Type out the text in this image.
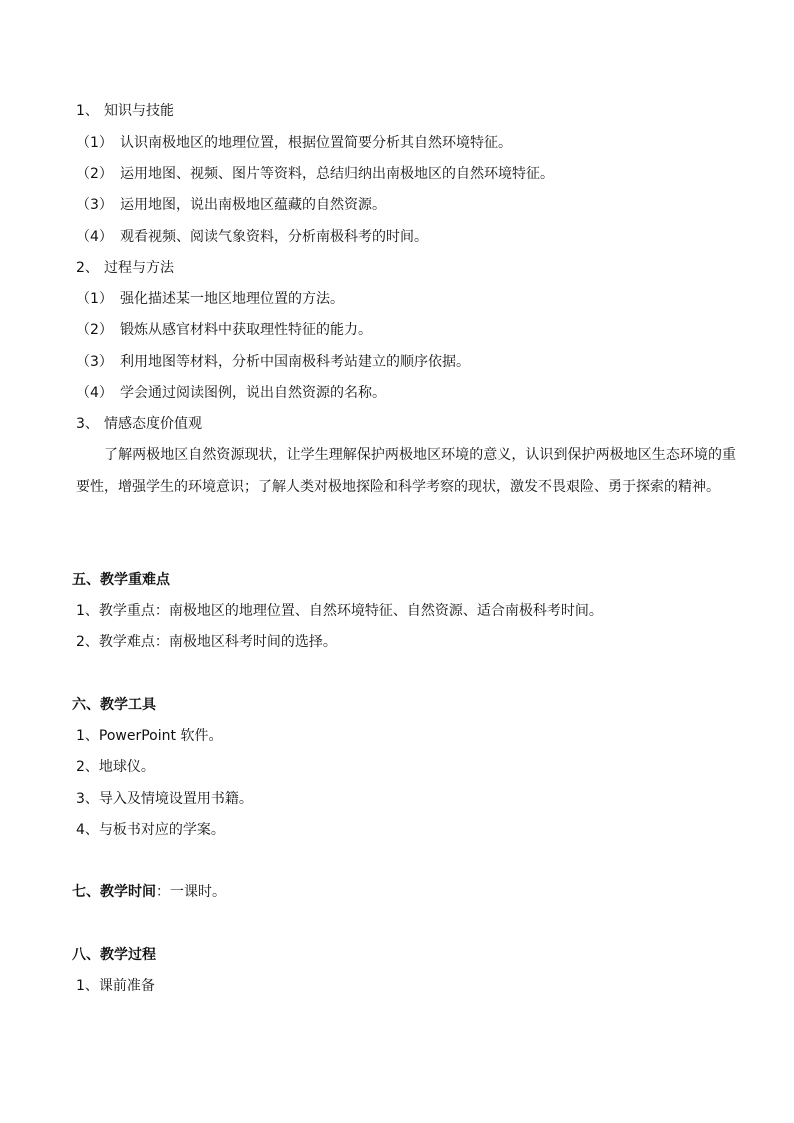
1、 知识与技能
（1） 认识南极地区的地理位置，根据位置简要分析其自然环境特征。
（2） 运用地图、视频、图片等资料，总结归纳出南极地区的自然环境特征。
（3） 运用地图，说出南极地区蕴藏的自然资源。
（4） 观看视频、阅读气象资料，分析南极科考的时间。
2、 过程与方法
（1） 强化描述某一地区地理位置的方法。
（2） 锻炼从感官材料中获取理性特征的能力。
（3） 利用地图等材料，分析中国南极科考站建立的顺序依据。
（4） 学会通过阅读图例，说出自然资源的名称。
3、 情感态度价值观
了解两极地区自然资源现状，让学生理解保护两极地区环境的意义，认识到保护两极地区生态环境的重要性，增强学生的环境意识；了解人类对极地探险和科学考察的现状，激发不畏艰险、勇于探索的精神。
五、教学重难点
1、教学重点：南极地区的地理位置、自然环境特征、自然资源、适合南极科考时间。
2、教学难点：南极地区科考时间的选择。
六、教学工具
1、PowerPoint 软件。
2、地球仪。
3、导入及情境设置用书籍。
4、与板书对应的学案。
七、教学时间：一课时。
八、教学过程
1、课前准备
